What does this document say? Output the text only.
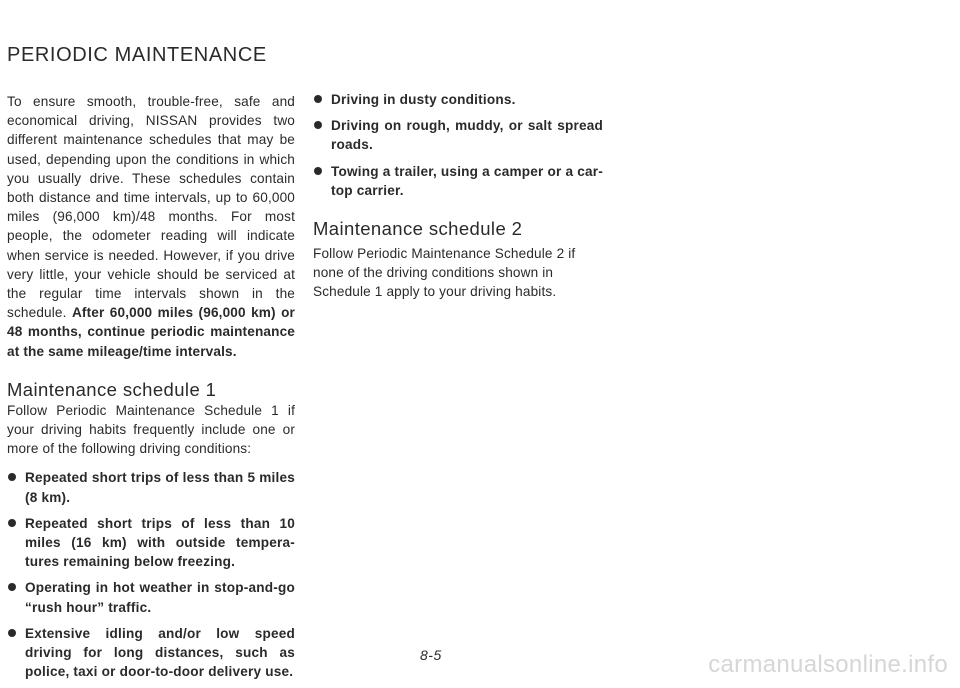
PERIODIC MAINTENANCE

To ensure smooth, trouble-free, safe and economical driving, NISSAN provides two different maintenance schedules that may be used, depending upon the conditions in which you usually drive. These schedules contain both distance and time intervals, up to 60,000 miles (96,000 km)/48 months. For most people, the odometer reading will indicate when service is needed. However, if you drive very little, your vehicle should be serviced at the regular time intervals shown in the schedule. After 60,000 miles (96,000 km) or 48 months, continue periodic maintenance at the same mileage/time intervals.

Maintenance schedule 1

Follow Periodic Maintenance Schedule 1 if your driving habits frequently include one or more of the following driving conditions:

Repeated short trips of less than 5 miles (8 km).
Repeated short trips of less than 10 miles (16 km) with outside tempera- tures remaining below freezing.
Operating in hot weather in stop-and-go “rush hour” traffic.
Extensive idling and/or low speed driving for long distances, such as police, taxi or door-to-door delivery use.
Driving in dusty conditions.
Driving on rough, muddy, or salt spread roads.
Towing a trailer, using a camper or a car-top carrier.
Maintenance schedule 2

Follow Periodic Maintenance Schedule 2 if none of the driving conditions shown in Schedule 1 apply to your driving habits.

8-5	carmanualsonline.info
